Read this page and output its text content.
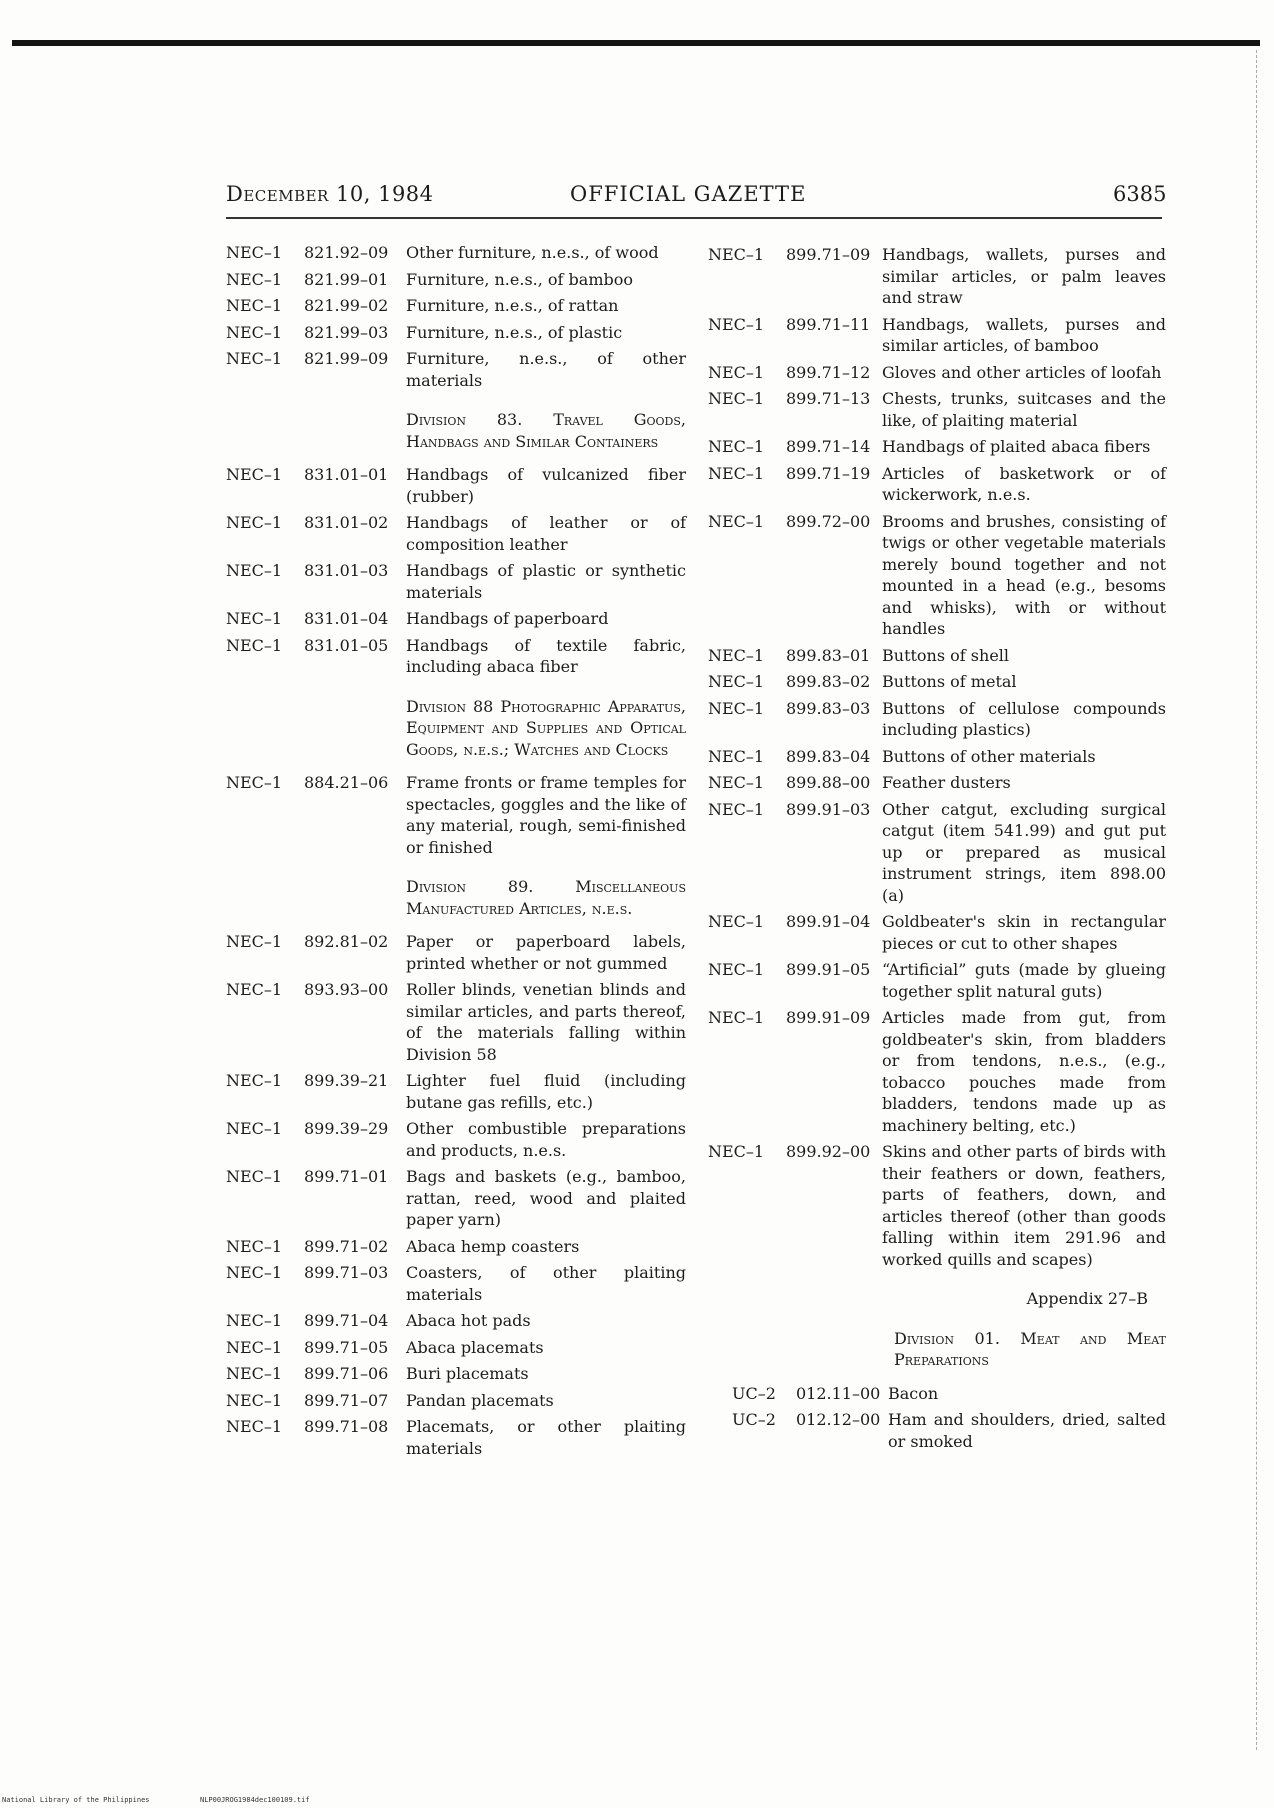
December 10, 1984	OFFICIAL GAZETTE	6385
NEC–1	821.92–09	Other furniture, n.e.s., of wood
NEC–1	821.99–01	Furniture, n.e.s., of bamboo
NEC–1	821.99–02	Furniture, n.e.s., of rattan
NEC–1	821.99–03	Furniture, n.e.s., of plastic
NEC–1	821.99–09	Furniture, n.e.s., of other materials
Division 83. Travel Goods, Handbags and Similar Containers
NEC–1	831.01–01	Handbags of vulcanized fiber (rubber)
NEC–1	831.01–02	Handbags of leather or of composition leather
NEC–1	831.01–03	Handbags of plastic or synthetic materials
NEC–1	831.01–04	Handbags of paperboard
NEC–1	831.01–05	Handbags of textile fabric, including abaca fiber
Division 88 Photographic Apparatus, Equipment and Supplies and Optical Goods, n.e.s.; Watches and Clocks
NEC–1	884.21–06	Frame fronts or frame temples for spectacles, goggles and the like of any material, rough, semi-finished or finished
Division 89. Miscellaneous Manufactured Articles, n.e.s.
NEC–1	892.81–02	Paper or paperboard labels, printed whether or not gummed
NEC–1	893.93–00	Roller blinds, venetian blinds and similar articles, and parts thereof, of the materials falling within Division 58
NEC–1	899.39–21	Lighter fuel fluid (including butane gas refills, etc.)
NEC–1	899.39–29	Other combustible preparations and products, n.e.s.
NEC–1	899.71–01	Bags and baskets (e.g., bamboo, rattan, reed, wood and plaited paper yarn)
NEC–1	899.71–02	Abaca hemp coasters
NEC–1	899.71–03	Coasters, of other plaiting materials
NEC–1	899.71–04	Abaca hot pads
NEC–1	899.71–05	Abaca placemats
NEC–1	899.71–06	Buri placemats
NEC–1	899.71–07	Pandan placemats
NEC–1	899.71–08	Placemats, or other plaiting materials
NEC–1	899.71–09 Handbags, wallets, purses and similar articles, or palm leaves and straw
NEC–1	899.71–11 Handbags, wallets, purses and similar articles, of bamboo
NEC–1	899.71–12 Gloves and other articles of loofah
NEC–1	899.71–13 Chests, trunks, suitcases and the like, of plaiting material
NEC–1	899.71–14 Handbags of plaited abaca fibers
NEC–1	899.71–19 Articles of basketwork or of wickerwork, n.e.s.
NEC–1	899.72–00 Brooms and brushes, consisting of twigs or other vegetable materials merely bound together and not mounted in a head (e.g., besoms and whisks), with or without handles
NEC–1	899.83–01 Buttons of shell
NEC–1	899.83–02 Buttons of metal
NEC–1	899.83–03 Buttons of cellulose compounds including plastics)
NEC–1	899.83–04 Buttons of other materials
NEC–1	899.88–00 Feather dusters
NEC–1	899.91–03 Other catgut, excluding surgical catgut (item 541.99) and gut put up or prepared as musical instrument strings, item 898.00 (a)
NEC–1	899.91–04 Goldbeater's skin in rectangular pieces or cut to other shapes
NEC–1	899.91–05 “Artificial” guts (made by glueing together split natural guts)
NEC–1	899.91–09 Articles made from gut, from goldbeater's skin, from bladders or from tendons, n.e.s., (e.g., tobacco pouches made from bladders, tendons made up as machinery belting, etc.)
NEC–1	899.92–00 Skins and other parts of birds with their feathers or down, feathers, parts of feathers, down, and articles thereof (other than goods falling within item 291.96 and worked quills and scapes)
Appendix 27–B
Division 01. Meat and Meat Preparations
UC–2	012.11–00 Bacon
UC–2	012.12–00 Ham and shoulders, dried, salted or smoked
National Library of the Philippines	NLP00JROG1984dec100109.tif
